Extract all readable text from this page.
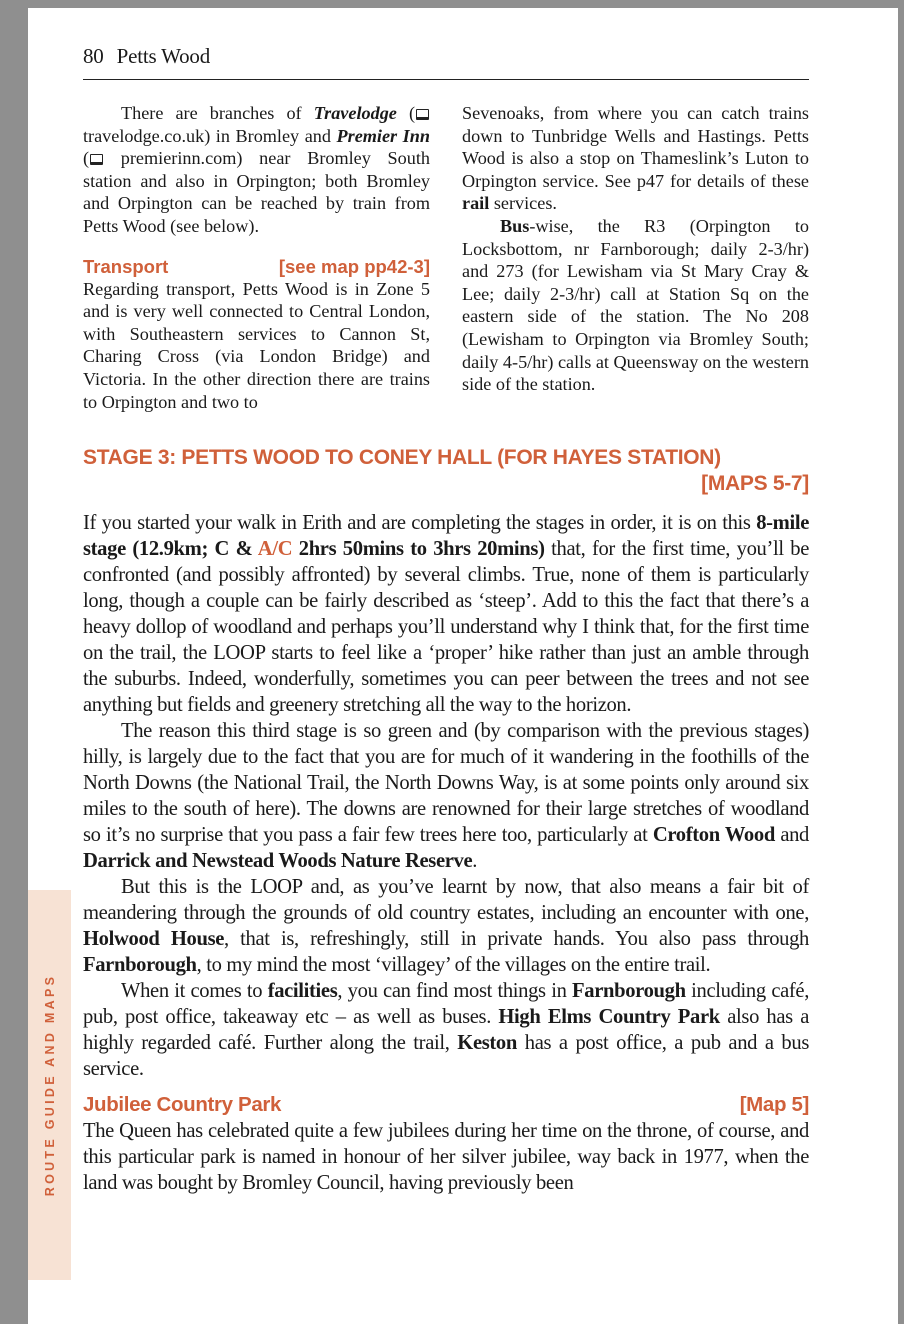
80 Petts Wood

There are branches of Travelodge ( travelodge.co.uk) in Bromley and Premier Inn ( premierinn.com) near Bromley South station and also in Orpington; both Bromley and Orpington can be reached by train from Petts Wood (see below).

Transport	[see map pp42-3]

Regarding transport, Petts Wood is in Zone 5 and is very well connected to Central London, with Southeastern services to Cannon St, Charing Cross (via London Bridge) and Victoria. In the other direction there are trains to Orpington and two to

Sevenoaks, from where you can catch trains down to Tunbridge Wells and Hastings. Petts Wood is also a stop on Thameslink’s Luton to Orpington service. See p47 for details of these rail services.

Bus-wise, the R3 (Orpington to Locksbottom, nr Farnborough; daily 2-3/hr) and 273 (for Lewisham via St Mary Cray & Lee; daily 2-3/hr) call at Station Sq on the eastern side of the station. The No 208 (Lewisham to Orpington via Bromley South; daily 4-5/hr) calls at Queensway on the western side of the station.

STAGE 3: PETTS WOOD TO CONEY HALL (FOR HAYES STATION)
[MAPS 5-7]

If you started your walk in Erith and are completing the stages in order, it is on this 8-mile stage (12.9km; C & A/C 2hrs 50mins to 3hrs 20mins) that, for the first time, you’ll be confronted (and possibly affronted) by several climbs. True, none of them is particularly long, though a couple can be fairly described as ‘steep’. Add to this the fact that there’s a heavy dollop of woodland and perhaps you’ll understand why I think that, for the first time on the trail, the LOOP starts to feel like a ‘proper’ hike rather than just an amble through the suburbs. Indeed, wonderfully, sometimes you can peer between the trees and not see anything but fields and greenery stretching all the way to the horizon.

The reason this third stage is so green and (by comparison with the previous stages) hilly, is largely due to the fact that you are for much of it wandering in the foothills of the North Downs (the National Trail, the North Downs Way, is at some points only around six miles to the south of here). The downs are renowned for their large stretches of woodland so it’s no surprise that you pass a fair few trees here too, particularly at Crofton Wood and Darrick and Newstead Woods Nature Reserve.

But this is the LOOP and, as you’ve learnt by now, that also means a fair bit of meandering through the grounds of old country estates, including an encounter with one, Holwood House, that is, refreshingly, still in private hands. You also pass through Farnborough, to my mind the most ‘villagey’ of the villages on the entire trail.

When it comes to facilities, you can find most things in Farnborough including café, pub, post office, takeaway etc – as well as buses. High Elms Country Park also has a highly regarded café. Further along the trail, Keston has a post office, a pub and a bus service.

Jubilee Country Park	[Map 5]

The Queen has celebrated quite a few jubilees during her time on the throne, of course, and this particular park is named in honour of her silver jubilee, way back in 1977, when the land was bought by Bromley Council, having previously been

ROUTE GUIDE AND MAPS
